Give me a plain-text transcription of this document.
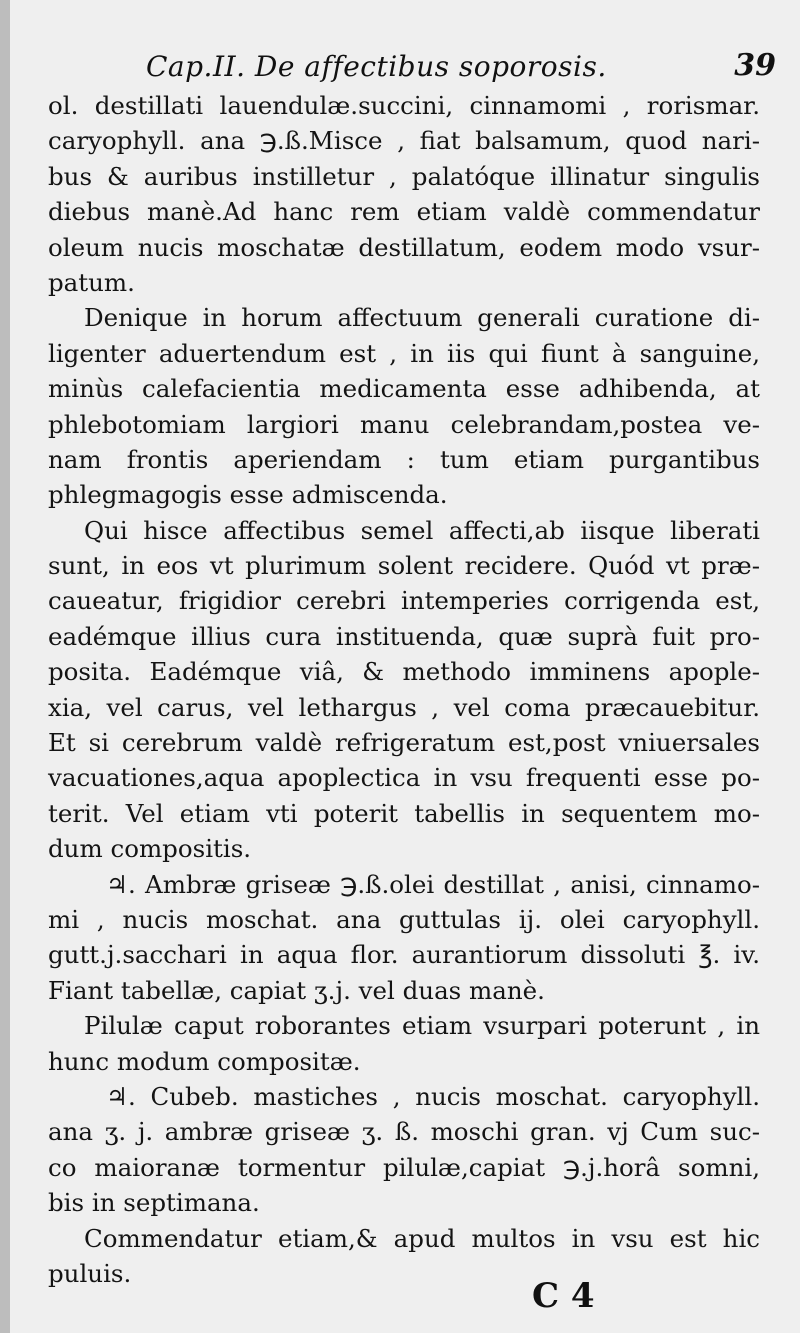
Cap.II. De affectibus soporosis.	39
ol. destillati lauendulæ.succini, cinnamomi , rorismar.
caryophyll. ana ℈.ß.Misce , fiat balsamum, quod nari-
bus & auribus instilletur , palatóque illinatur singulis
diebus manè.Ad hanc rem etiam valdè commendatur
oleum nucis moschatæ destillatum, eodem modo vsur-
patum.
Denique in horum affectuum generali curatione di-
ligenter aduertendum est , in iis qui fiunt à sanguine,
minùs calefacientia medicamenta esse adhibenda, at
phlebotomiam largiori manu celebrandam,postea ve-
nam frontis aperiendam : tum etiam purgantibus
phlegmagogis esse admiscenda.
Qui hisce affectibus semel affecti,ab iisque liberati
sunt, in eos vt plurimum solent recidere. Quód vt præ-
caueatur, frigidior cerebri intemperies corrigenda est,
eadémque illius cura instituenda, quæ suprà fuit pro-
posita. Eadémque viâ, & methodo imminens apople-
xia, vel carus, vel lethargus , vel coma præcauebitur.
Et si cerebrum valdè refrigeratum est,post vniuersales
vacuationes,aqua apoplectica in vsu frequenti esse po-
terit. Vel etiam vti poterit tabellis in sequentem mo-
dum compositis.
♃. Ambræ griseæ ℈.ß.olei destillat , anisi, cinnamo-
mi , nucis moschat. ana guttulas ij. olei caryophyll.
gutt.j.sacchari in aqua flor. aurantiorum dissoluti ℥. iv.
Fiant tabellæ, capiat ʒ.j. vel duas manè.
Pilulæ caput roborantes etiam vsurpari poterunt , in
hunc modum compositæ.
♃. Cubeb. mastiches , nucis moschat. caryophyll.
ana ʒ. j. ambræ griseæ ʒ. ß. moschi gran. vj Cum suc-
co maioranæ tormentur pilulæ,capiat ℈.j.horâ somni,
bis in septimana.
Commendatur etiam,& apud multos in vsu est hic
puluis.
C 4
